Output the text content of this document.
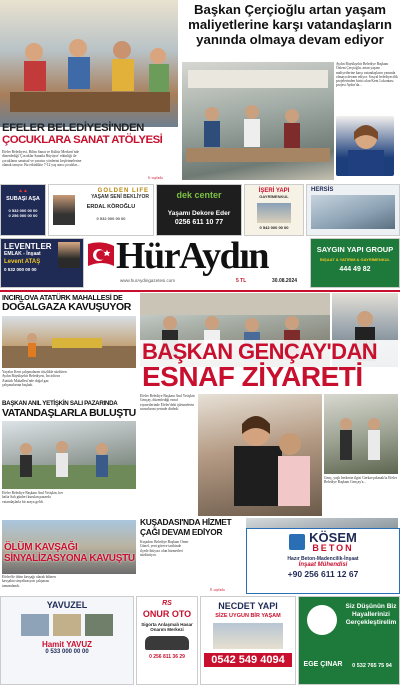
Başkan Çerçioğlu artan yaşam maliyetlerine karşı vatandaşların yanında olmaya devam ediyor
Aydın Büyükşehir Belediye Başkanı Özlem Çerçioğlu, artan yaşam maliyetlerine karşı vatandaşların yanında olmaya devam ediyor. Sosyal belediyecilik projelerinden birisi olan Kent Lokantası projesi Aydın'da...
EFELER BELEDİYESİ'NDEN
ÇOCUKLARA SANAT ATÖLYESİ
Efeler Belediyesi, Bilim Sanat ve Kültür Merkezi'nde düzenlediği 'Çocuklar Sanatla Büyüyor' etkinliği ile çocukların sanatsal ve yaratıcı yönlerini keşfetmelerine olanak tanıyor. Bu etkinlikte 7-12 yaş arası çocuklar...
6. sayfada
▲▲
SUBAŞI AŞA
0 532 000 00 00
0 256 000 00 00
GOLDEN LIFE
YAŞAM SENİ BEKLİYOR
ERDAL KÖROĞLU
0 532 000 00 00
dek center
Yaşamı Dekore Eder
0256 611 10 77
İŞERİ YAPI
GAYRİMENKUL
0 542 000 00 00
HERSİS
LEVENTLER
EMLAK - İnşaat
Levent ATAŞ
0 532 000 00 00	HürAydın
www.hurAydingazetesi.com	5 TL	30.08.2024
SAYGIN YAPI GROUP
İNŞAAT & YATIRIM & GAYRİMENKUL
444 49 82
INCIRLOVA ATATÜRK MAHALLESİ DE
DOĞALGAZA KAVUŞUYOR
Yayalar Kent çalışmalarını titizlikle sürdüren Aydın Büyükşehir Belediyesi, İncirliova Atatürk Mahallesi'nde doğal gaz çalışmalarına başladı.
BAŞKAN ANIL YETİŞKİN SALI PAZARINDA
VATANDAŞLARLA BULUŞTU
Efeler Belediye Başkanı Anıl Yetişkin, her hafta Salı günleri kurulan pazarda vatandaşlarla bir araya geldi.
ÖLÜM KAVŞAĞI
SİNYALİZASYONA KAVUŞTU
Efeler'de ölüm kavşağı olarak bilinen kavşakta sinyalizasyon çalışması tamamlandı.
BAŞKAN GENÇAY'DAN
ESNAF ZİYARETİ
Efeler Belediye Başkanı Anıl Yetişkin Gençay, düzenlediği esnaf ziyaretlerinde Efeler'deki işletmelerin sorunlarını yerinde dinledi.
Genç, yaşlı herkesin ilgisi Gerkavçakmak'ta Efeler Belediye Başkanı Gençay'a...
KUŞADASI'NDA HİZMET
ÇAĞI DEVAM EDİYOR
Kuşadası Belediye Başkanı Ömer Günel, yeni göreve tarihinde ilçede ihtiyacı olan hizmetleri sürdürüyor.
8. sayfada
KÖSEM
BETON
Hazır Beton-Madencilik-İnşaat
İnşaat Mühendisi
+90 256 611 12 67
YAVUZEL
Hamit YAVUZ
0 533 000 00 00
RS
ONUR OTO
Sigorta Anlaşmalı Hasar Onarım Merkezi
0 256 811 36 29
NECDET YAPI
SİZE UYGUN BİR YAŞAM
0542 549 4094
Siz Düşünün Biz Hayallerinizi Gerçekleştirelim
EGE ÇINAR	0 532 765 75 94
